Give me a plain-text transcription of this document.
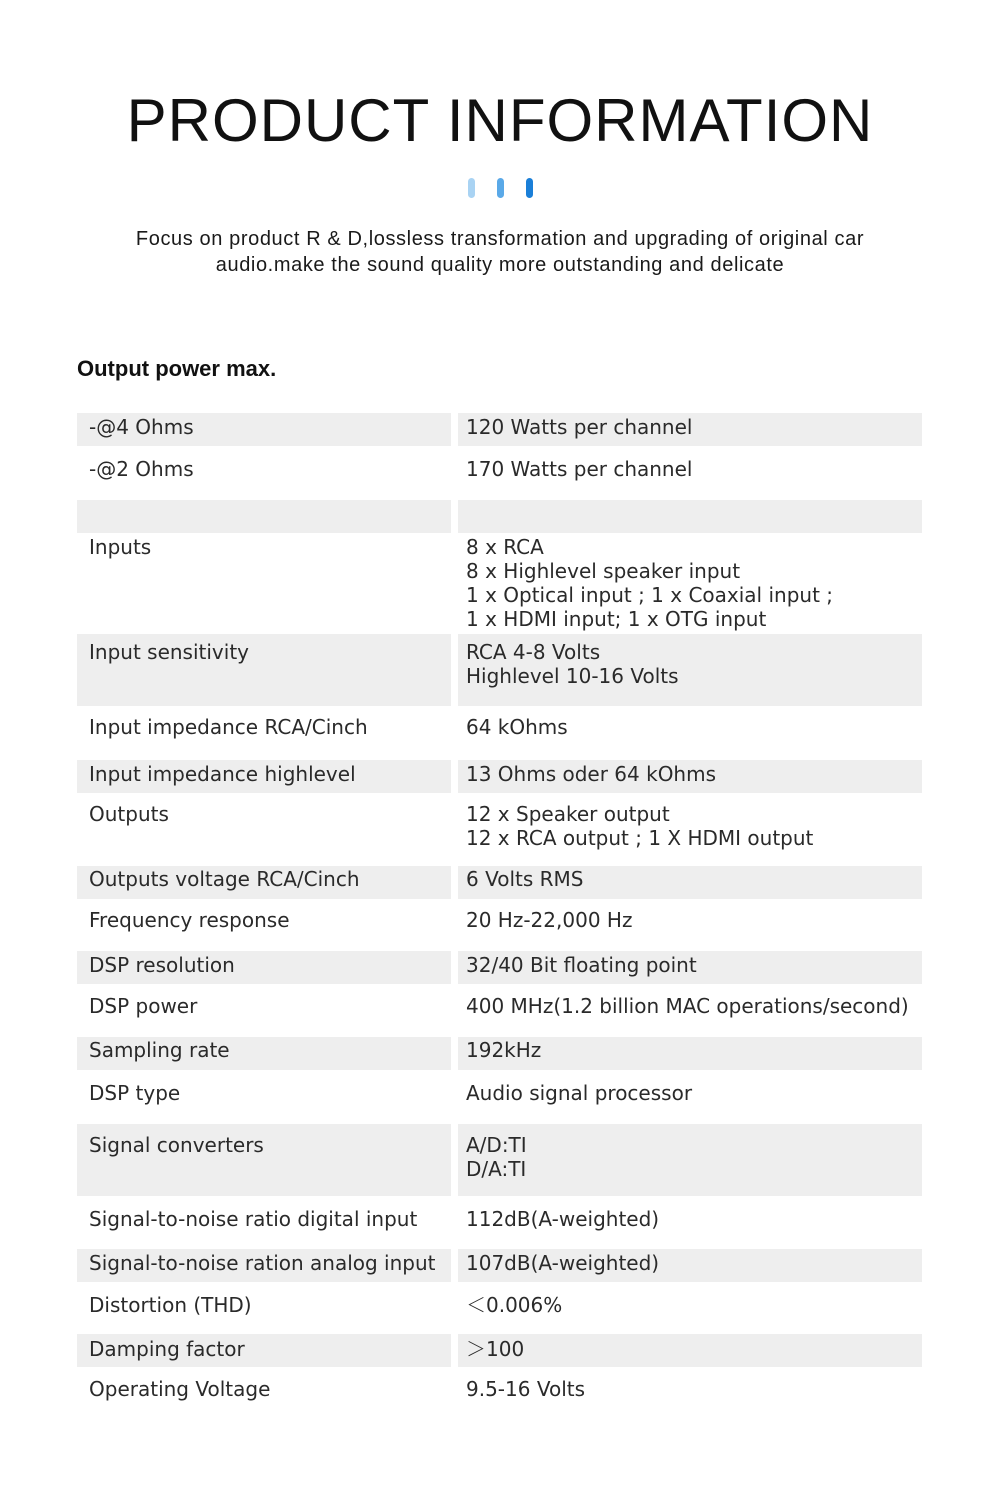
PRODUCT INFORMATION

Focus on product R & D,lossless transformation and upgrading of original car
audio.make the sound quality more outstanding and delicate

Output power max.
-@4 Ohms	120 Watts per channel
-@2 Ohms	170 Watts per channel
Inputs	8 x RCA
8 x Highlevel speaker input
1 x Optical input ; 1 x Coaxial input ;
1 x HDMI input; 1 x OTG input
Input sensitivity	RCA 4-8 Volts
Highlevel 10-16 Volts
Input impedance RCA/Cinch	64 kOhms
Input impedance highlevel	13 Ohms oder 64 kOhms
Outputs	12 x Speaker output
12 x RCA output ; 1 X HDMI output
Outputs voltage RCA/Cinch	6 Volts RMS
Frequency response	20 Hz-22,000 Hz
DSP resolution	32/40 Bit floating point
DSP power	400 MHz(1.2 billion MAC operations/second)
Sampling rate	192kHz
DSP type	Audio signal processor
Signal converters	A/D:TI
D/A:TI
Signal-to-noise ratio digital input	112dB(A-weighted)
Signal-to-noise ration analog input	107dB(A-weighted)
Distortion (THD)	＜0.006%
Damping factor	＞100
Operating Voltage	9.5-16 Volts
